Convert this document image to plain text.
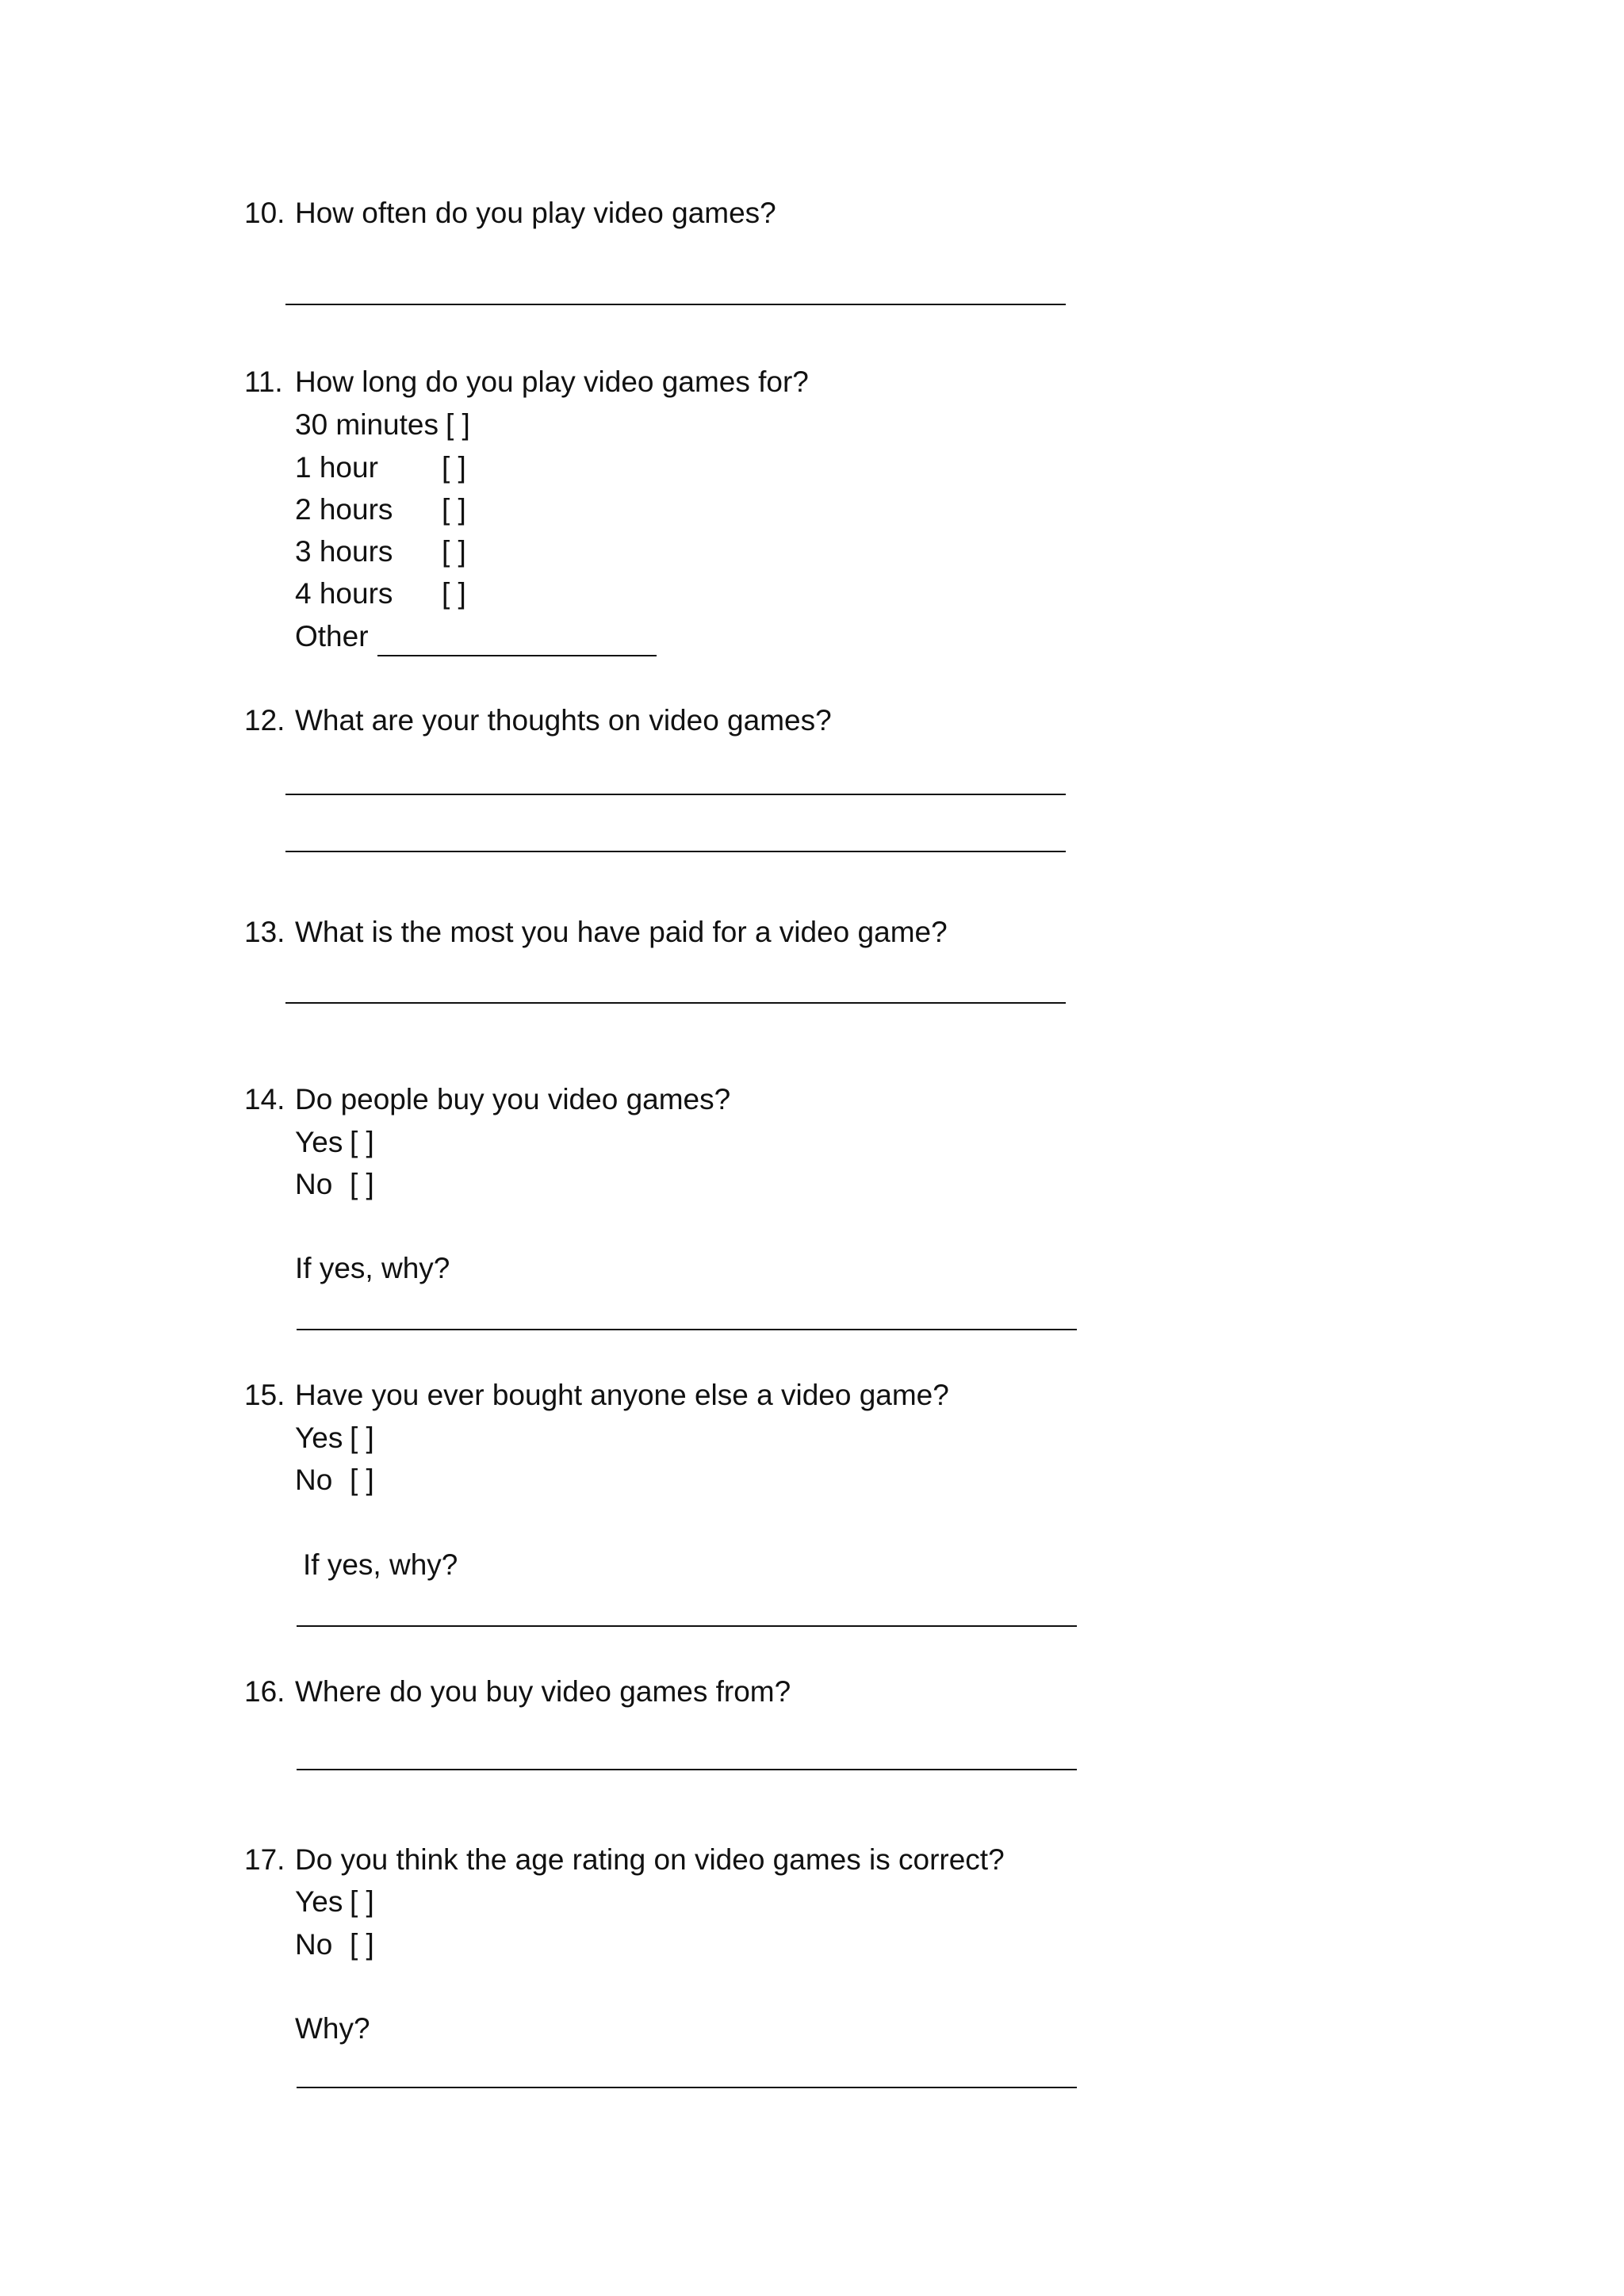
10. How often do you play video games?
11. How long do you play video games for?
30 minutes [ ]
1 hour [ ]
2 hours [ ]
3 hours [ ]
4 hours [ ]
Other
12. What are your thoughts on video games?
13. What is the most you have paid for a video game?
14. Do people buy you video games?
Yes [ ]
No [ ]
If yes, why?
15. Have you ever bought anyone else a video game?
Yes [ ]
No [ ]
If yes, why?
16. Where do you buy video games from?
17. Do you think the age rating on video games is correct?
Yes [ ]
No [ ]
Why?
